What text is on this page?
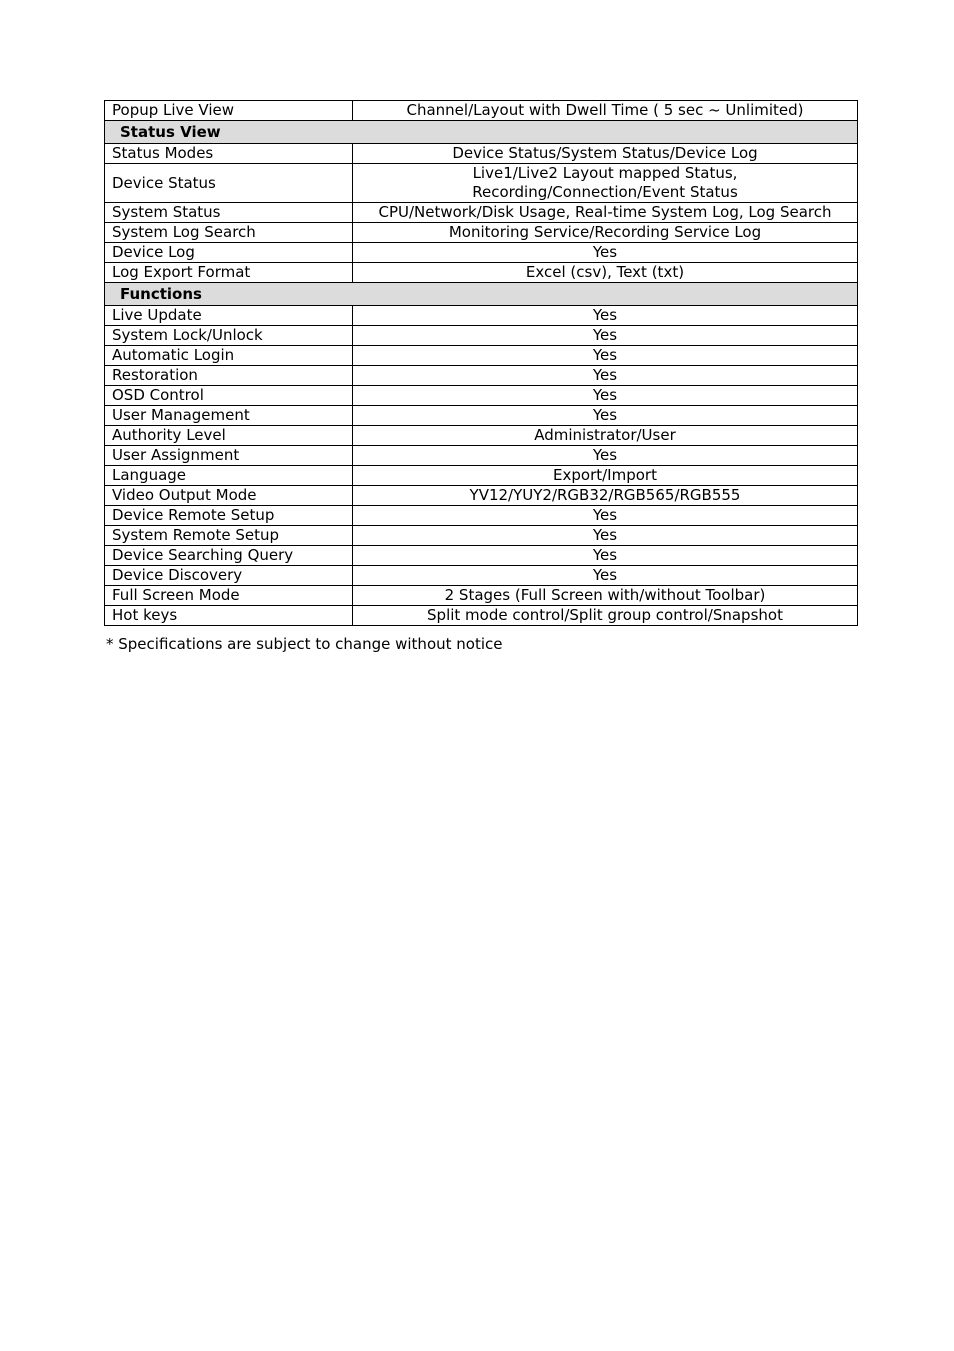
Popup Live View	Channel/Layout with Dwell Time ( 5 sec ~ Unlimited)
Status View	
Status Modes	Device Status/System Status/Device Log
Device Status	Live1/Live2 Layout mapped Status,
Recording/Connection/Event Status

System Status	CPU/Network/Disk Usage, Real-time System Log, Log Search
System Log Search	Monitoring Service/Recording Service Log
Device Log	Yes
Log Export Format	Excel (csv), Text (txt)
Functions	
Live Update	Yes
System Lock/Unlock	Yes
Automatic Login	Yes
Restoration	Yes
OSD Control	Yes
User Management	Yes
Authority Level	Administrator/User
User Assignment	Yes
Language	Export/Import
Video Output Mode	YV12/YUY2/RGB32/RGB565/RGB555
Device Remote Setup	Yes
System Remote Setup	Yes
Device Searching Query	Yes
Device Discovery	Yes
Full Screen Mode	2 Stages (Full Screen with/without Toolbar)
Hot keys	Split mode control/Split group control/Snapshot
* Specifications are subject to change without notice
